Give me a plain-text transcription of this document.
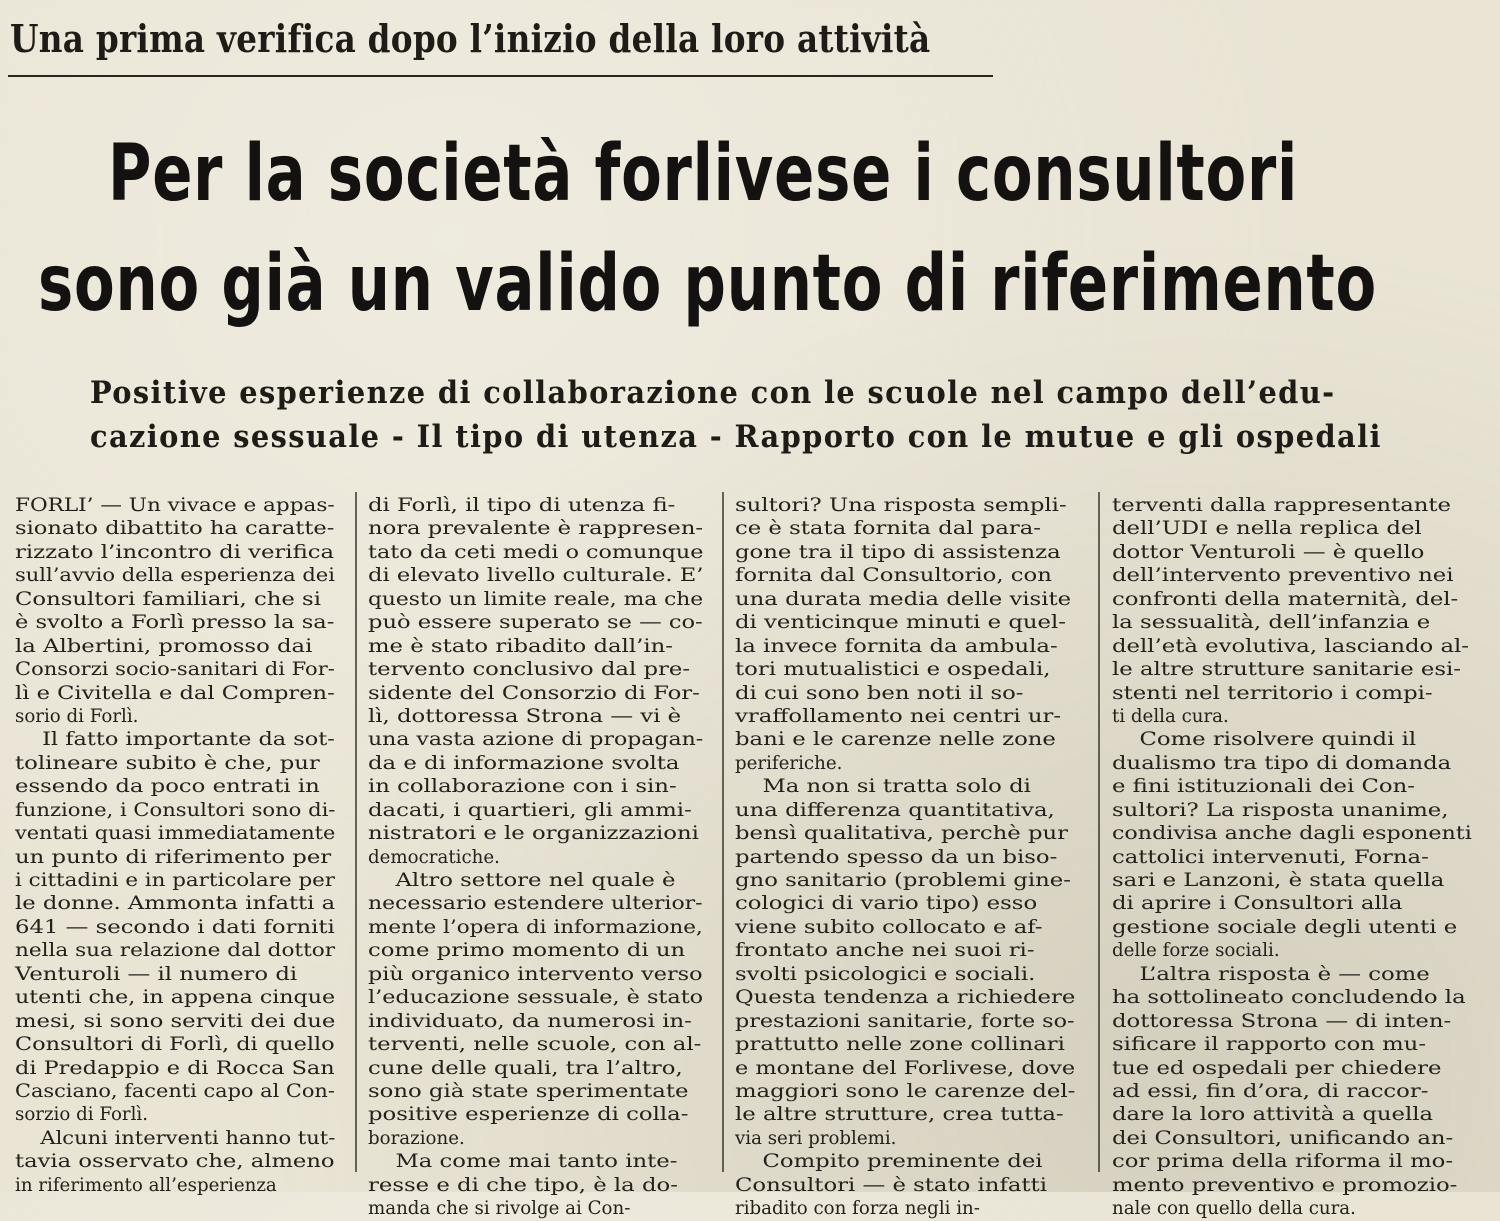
Una prima verifica dopo l’inizio della loro attività
Per la società forlivese i consultori
sono già un valido punto di riferimento
Positive esperienze di collaborazione con le scuole nel campo dell’edu-
cazione sessuale - Il tipo di utenza - Rapporto con le mutue e gli ospedali
FORLI’ — Un vivace e appas-
sionato dibattito ha caratte-
rizzato l’incontro di verifica
sull’avvio della esperienza dei
Consultori familiari, che si
è svolto a Forlì presso la sa-
la Albertini, promosso dai
Consorzi socio-sanitari di For-
lì e Civitella e dal Compren-
sorio di Forlì.
Il fatto importante da sot-
tolineare subito è che, pur
essendo da poco entrati in
funzione, i Consultori sono di-
ventati quasi immediatamente
un punto di riferimento per
i cittadini e in particolare per
le donne. Ammonta infatti a
641 — secondo i dati forniti
nella sua relazione dal dottor
Venturoli — il numero di
utenti che, in appena cinque
mesi, si sono serviti dei due
Consultori di Forlì, di quello
di Predappio e di Rocca San
Casciano, facenti capo al Con-
sorzio di Forlì.
Alcuni interventi hanno tut-
tavia osservato che, almeno
in riferimento all’esperienza
di Forlì, il tipo di utenza fi-
nora prevalente è rappresen-
tato da ceti medi o comunque
di elevato livello culturale. E’
questo un limite reale, ma che
può essere superato se — co-
me è stato ribadito dall’in-
tervento conclusivo dal pre-
sidente del Consorzio di For-
lì, dottoressa Strona — vi è
una vasta azione di propagan-
da e di informazione svolta
in collaborazione con i sin-
dacati, i quartieri, gli ammi-
nistratori e le organizzazioni
democratiche.
Altro settore nel quale è
necessario estendere ulterior-
mente l’opera di informazione,
come primo momento di un
più organico intervento verso
l’educazione sessuale, è stato
individuato, da numerosi in-
terventi, nelle scuole, con al-
cune delle quali, tra l’altro,
sono già state sperimentate
positive esperienze di colla-
borazione.
Ma come mai tanto inte-
resse e di che tipo, è la do-
manda che si rivolge ai Con-
sultori? Una risposta sempli-
ce è stata fornita dal para-
gone tra il tipo di assistenza
fornita dal Consultorio, con
una durata media delle visite
di venticinque minuti e quel-
la invece fornita da ambula-
tori mutualistici e ospedali,
di cui sono ben noti il so-
vraffollamento nei centri ur-
bani e le carenze nelle zone
periferiche.
Ma non si tratta solo di
una differenza quantitativa,
bensì qualitativa, perchè pur
partendo spesso da un biso-
gno sanitario (problemi gine-
cologici di vario tipo) esso
viene subito collocato e af-
frontato anche nei suoi ri-
svolti psicologici e sociali.
Questa tendenza a richiedere
prestazioni sanitarie, forte so-
prattutto nelle zone collinari
e montane del Forlivese, dove
maggiori sono le carenze del-
le altre strutture, crea tutta-
via seri problemi.
Compito preminente dei
Consultori — è stato infatti
ribadito con forza negli in-
terventi dalla rappresentante
dell’UDI e nella replica del
dottor Venturoli — è quello
dell’intervento preventivo nei
confronti della maternità, del-
la sessualità, dell’infanzia e
dell’età evolutiva, lasciando al-
le altre strutture sanitarie esi-
stenti nel territorio i compi-
ti della cura.
Come risolvere quindi il
dualismo tra tipo di domanda
e fini istituzionali dei Con-
sultori? La risposta unanime,
condivisa anche dagli esponenti
cattolici intervenuti, Forna-
sari e Lanzoni, è stata quella
di aprire i Consultori alla
gestione sociale degli utenti e
delle forze sociali.
L’altra risposta è — come
ha sottolineato concludendo la
dottoressa Strona — di inten-
sificare il rapporto con mu-
tue ed ospedali per chiedere
ad essi, fin d’ora, di raccor-
dare la loro attività a quella
dei Consultori, unificando an-
cor prima della riforma il mo-
mento preventivo e promozio-
nale con quello della cura.
